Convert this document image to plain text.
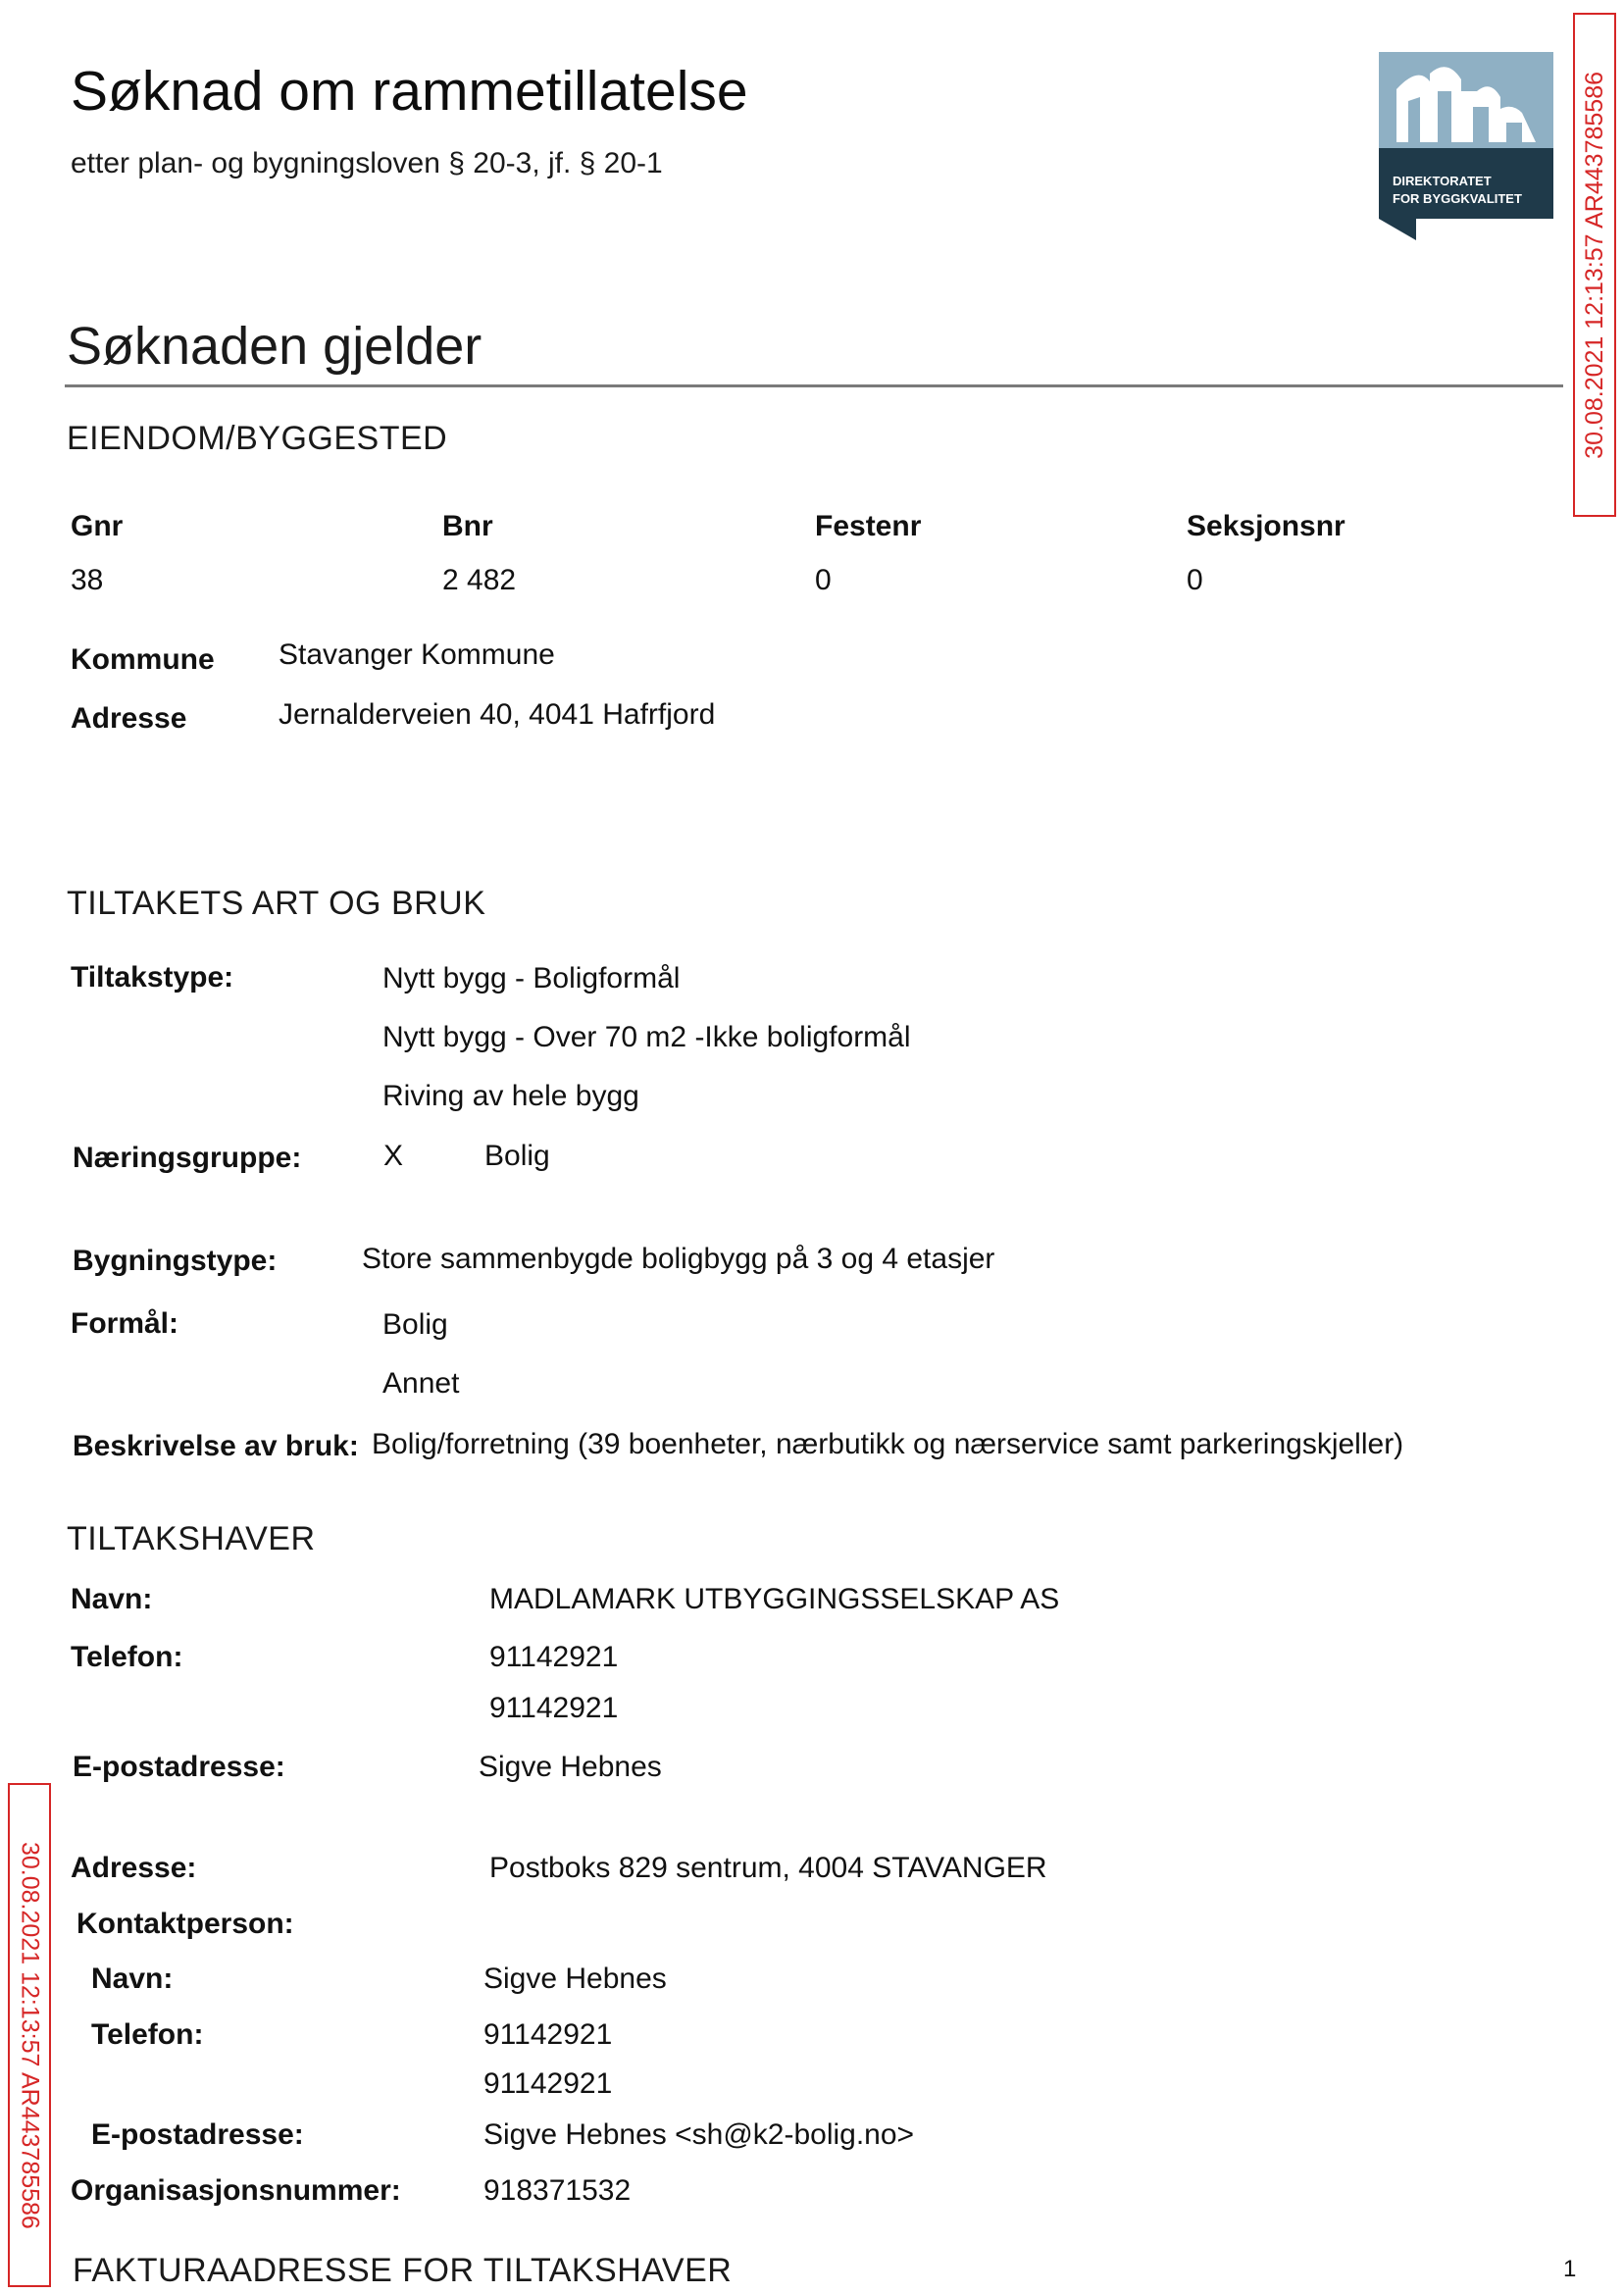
Søknad om rammetillatelse
etter plan- og bygningsloven § 20-3, jf. § 20-1
DIREKTORATET
FOR BYGGKVALITET 30.08.2021 12:13:57 AR443785586
30.08.2021 12:13:57 AR443785586
Søknaden gjelder
EIENDOM/BYGGESTED
Gnr	Bnr	Festenr	Seksjonsnr
38	2 482	0	0
Kommune Stavanger Kommune
Adresse	Jernalderveien 40, 4041 Hafrfjord
TILTAKETS ART OG BRUK
Tiltakstype:	Nytt bygg - Boligformål
Nytt bygg - Over 70 m2 -Ikke boligformål
Riving av hele bygg
Næringsgruppe:	X	Bolig
Bygningstype:	Store sammenbygde boligbygg på 3 og 4 etasjer
Formål:	Bolig
Annet
Beskrivelse av bruk: Bolig/forretning (39 boenheter, nærbutikk og nærservice samt parkeringskjeller)
TILTAKSHAVER
Navn:	MADLAMARK UTBYGGINGSSELSKAP AS
Telefon:	91142921
91142921
E-postadresse:	Sigve Hebnes
Adresse:	Postboks 829 sentrum, 4004 STAVANGER
Kontaktperson:
Navn:	Sigve Hebnes
Telefon:	91142921
91142921
E-postadresse:	Sigve Hebnes <sh@k2-bolig.no>
Organisasjonsnummer:	918371532
FAKTURAADRESSE FOR TILTAKSHAVER	1
